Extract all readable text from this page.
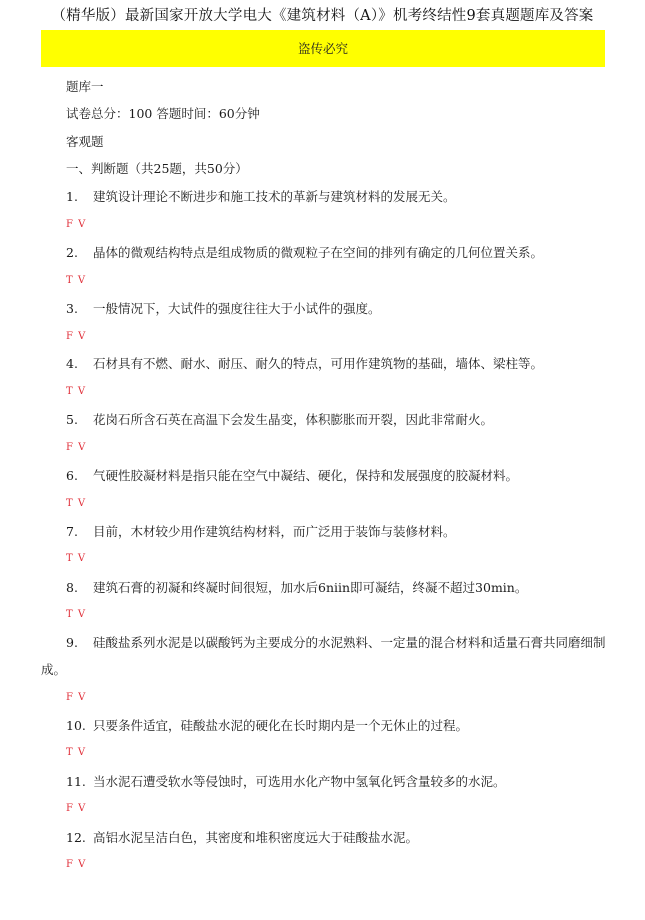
（精华版）最新国家开放大学电大《建筑材料（A）》机考终结性9套真题题库及答案
盗传必究
题库一
试卷总分：100 答题时间：60分钟
客观题
一、判断题（共25题，共50分）
1. 建筑设计理论不断进步和施工技术的革新与建筑材料的发展无关。
F V
2. 晶体的微观结构特点是组成物质的微观粒子在空间的排列有确定的几何位置关系。
T V
3. 一般情况下，大试件的强度往往大于小试件的强度。
F V
4. 石材具有不燃、耐水、耐压、耐久的特点，可用作建筑物的基础，墙体、梁柱等。
T V
5. 花岗石所含石英在高温下会发生晶变，体积膨胀而开裂，因此非常耐火。
F V
6. 气硬性胶凝材料是指只能在空气中凝结、硬化，保持和发展强度的胶凝材料。
T V
7. 目前，木材较少用作建筑结构材料，而广泛用于装饰与装修材料。
T V
8. 建筑石膏的初凝和终凝时间很短，加水后6niin即可凝结，终凝不超过30min。
T V
9. 硅酸盐系列水泥是以碳酸钙为主要成分的水泥熟料、一定量的混合材料和适量石膏共同磨细制
成。
F V
10. 只要条件适宜，硅酸盐水泥的硬化在长时期内是一个无休止的过程。
T V
11. 当水泥石遭受软水等侵蚀时，可选用水化产物中氢氧化钙含量较多的水泥。
F V
12. 高铝水泥呈洁白色，其密度和堆积密度远大于硅酸盐水泥。
F V
